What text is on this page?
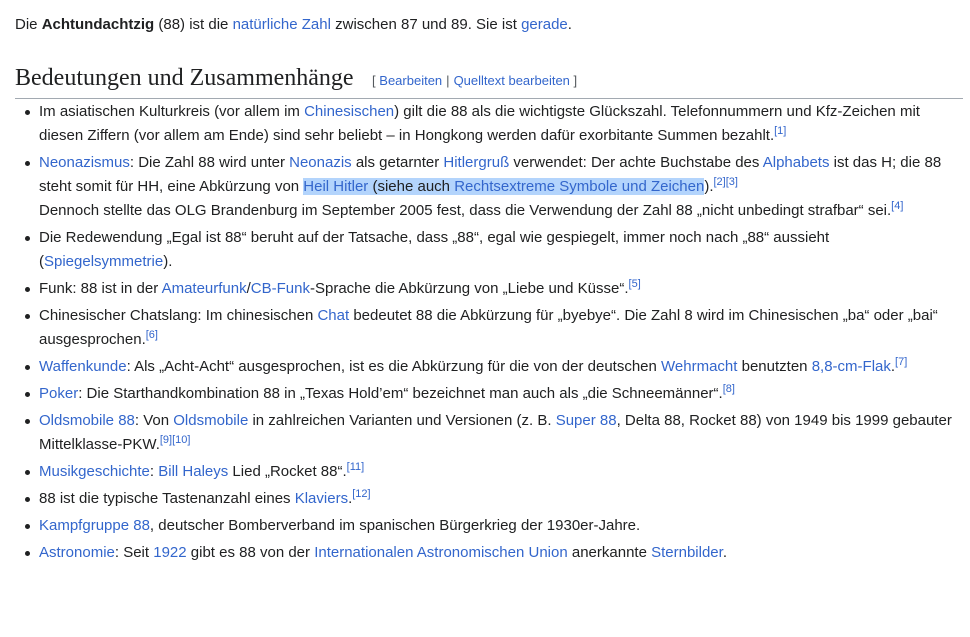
Die Achtundachtzig (88) ist die natürliche Zahl zwischen 87 und 89. Sie ist gerade.
Bedeutungen und Zusammenhänge [ Bearbeiten | Quelltext bearbeiten ]
Im asiatischen Kulturkreis (vor allem im Chinesischen) gilt die 88 als die wichtigste Glückszahl. Telefonnummern und Kfz-Zeichen mit diesen Ziffern (vor allem am Ende) sind sehr beliebt – in Hongkong werden dafür exorbitante Summen bezahlt.[1]
Neonazismus: Die Zahl 88 wird unter Neonazis als getarnter Hitlergruß verwendet: Der achte Buchstabe des Alphabets ist das H; die 88 steht somit für HH, eine Abkürzung von Heil Hitler (siehe auch Rechtsextreme Symbole und Zeichen).[2][3]
Dennoch stellte das OLG Brandenburg im September 2005 fest, dass die Verwendung der Zahl 88 „nicht unbedingt strafbar“ sei.[4]
Die Redewendung „Egal ist 88“ beruht auf der Tatsache, dass „88“, egal wie gespiegelt, immer noch nach „88“ aussieht (Spiegelsymmetrie).
Funk: 88 ist in der Amateurfunk/CB-Funk-Sprache die Abkürzung von „Liebe und Küsse“.[5]
Chinesischer Chatslang: Im chinesischen Chat bedeutet 88 die Abkürzung für „byebye“. Die Zahl 8 wird im Chinesischen „ba“ oder „bai“ ausgesprochen.[6]
Waffenkunde: Als „Acht-Acht“ ausgesprochen, ist es die Abkürzung für die von der deutschen Wehrmacht benutzten 8,8-cm-Flak.[7]
Poker: Die Starthandkombination 88 in „Texas Hold’em“ bezeichnet man auch als „die Schneemänner“.[8]
Oldsmobile 88: Von Oldsmobile in zahlreichen Varianten und Versionen (z. B. Super 88, Delta 88, Rocket 88) von 1949 bis 1999 gebauter Mittelklasse-PKW.[9][10]
Musikgeschichte: Bill Haleys Lied „Rocket 88“.[11]
88 ist die typische Tastenanzahl eines Klaviers.[12]
Kampfgruppe 88, deutscher Bomberverband im spanischen Bürgerkrieg der 1930er-Jahre.
Astronomie: Seit 1922 gibt es 88 von der Internationalen Astronomischen Union anerkannte Sternbilder.
